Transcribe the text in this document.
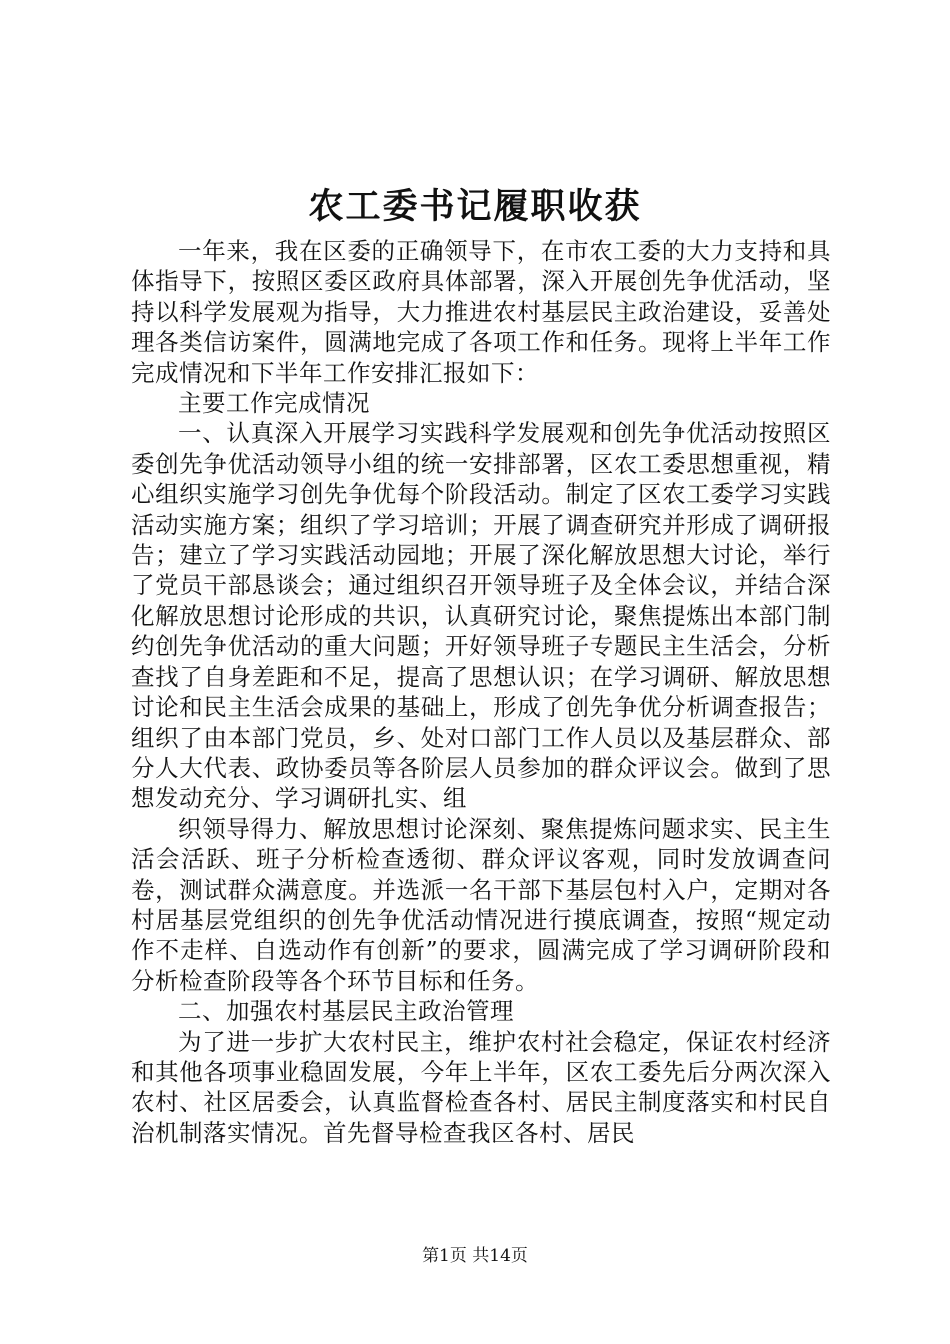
农工委书记履职收获

一年来，我在区委的正确领导下，在市农工委的大力支持和具体指导下，按照区委区政府具体部署，深入开展创先争优活动，坚持以科学发展观为指导，大力推进农村基层民主政治建设，妥善处理各类信访案件，圆满地完成了各项工作和任务。现将上半年工作完成情况和下半年工作安排汇报如下：

主要工作完成情况

一、认真深入开展学习实践科学发展观和创先争优活动按照区委创先争优活动领导小组的统一安排部署，区农工委思想重视，精心组织实施学习创先争优每个阶段活动。制定了区农工委学习实践活动实施方案；组织了学习培训；开展了调查研究并形成了调研报告；建立了学习实践活动园地；开展了深化解放思想大讨论，举行了党员干部恳谈会；通过组织召开领导班子及全体会议，并结合深化解放思想讨论形成的共识，认真研究讨论，聚焦提炼出本部门制约创先争优活动的重大问题；开好领导班子专题民主生活会，分析查找了自身差距和不足，提高了思想认识；在学习调研、解放思想讨论和民主生活会成果的基础上，形成了创先争优分析调查报告；组织了由本部门党员，乡、处对口部门工作人员以及基层群众、部分人大代表、政协委员等各阶层人员参加的群众评议会。做到了思想发动充分、学习调研扎实、组

织领导得力、解放思想讨论深刻、聚焦提炼问题求实、民主生活会活跃、班子分析检查透彻、群众评议客观，同时发放调查问卷，测试群众满意度。并选派一名干部下基层包村入户，定期对各村居基层党组织的创先争优活动情况进行摸底调查，按照“规定动作不走样、自选动作有创新”的要求，圆满完成了学习调研阶段和分析检查阶段等各个环节目标和任务。

二、加强农村基层民主政治管理

为了进一步扩大农村民主，维护农村社会稳定，保证农村经济和其他各项事业稳固发展，今年上半年，区农工委先后分两次深入农村、社区居委会，认真监督检查各村、居民主制度落实和村民自治机制落实情况。首先督导检查我区各村、居民

第1页 共14页
